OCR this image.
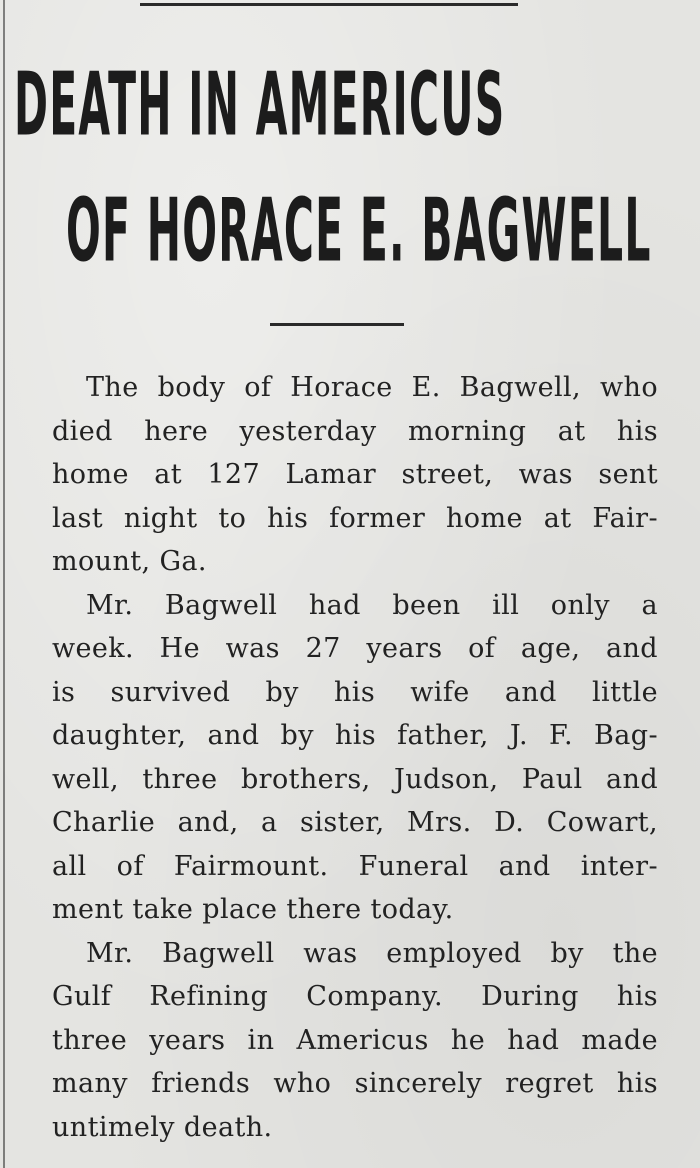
DEATH IN AMERICUS
OF HORACE E. BAGWELL
The body of Horace E. Bagwell, who
died here yesterday morning at his
home at 127 Lamar street, was sent
last night to his former home at Fair-
mount, Ga.
Mr. Bagwell had been ill only a
week. He was 27 years of age, and
is survived by his wife and little
daughter, and by his father, J. F. Bag-
well, three brothers, Judson, Paul and
Charlie and, a sister, Mrs. D. Cowart,
all of Fairmount. Funeral and inter-
ment take place there today.
Mr. Bagwell was employed by the
Gulf Refining Company. During his
three years in Americus he had made
many friends who sincerely regret his
untimely death.
